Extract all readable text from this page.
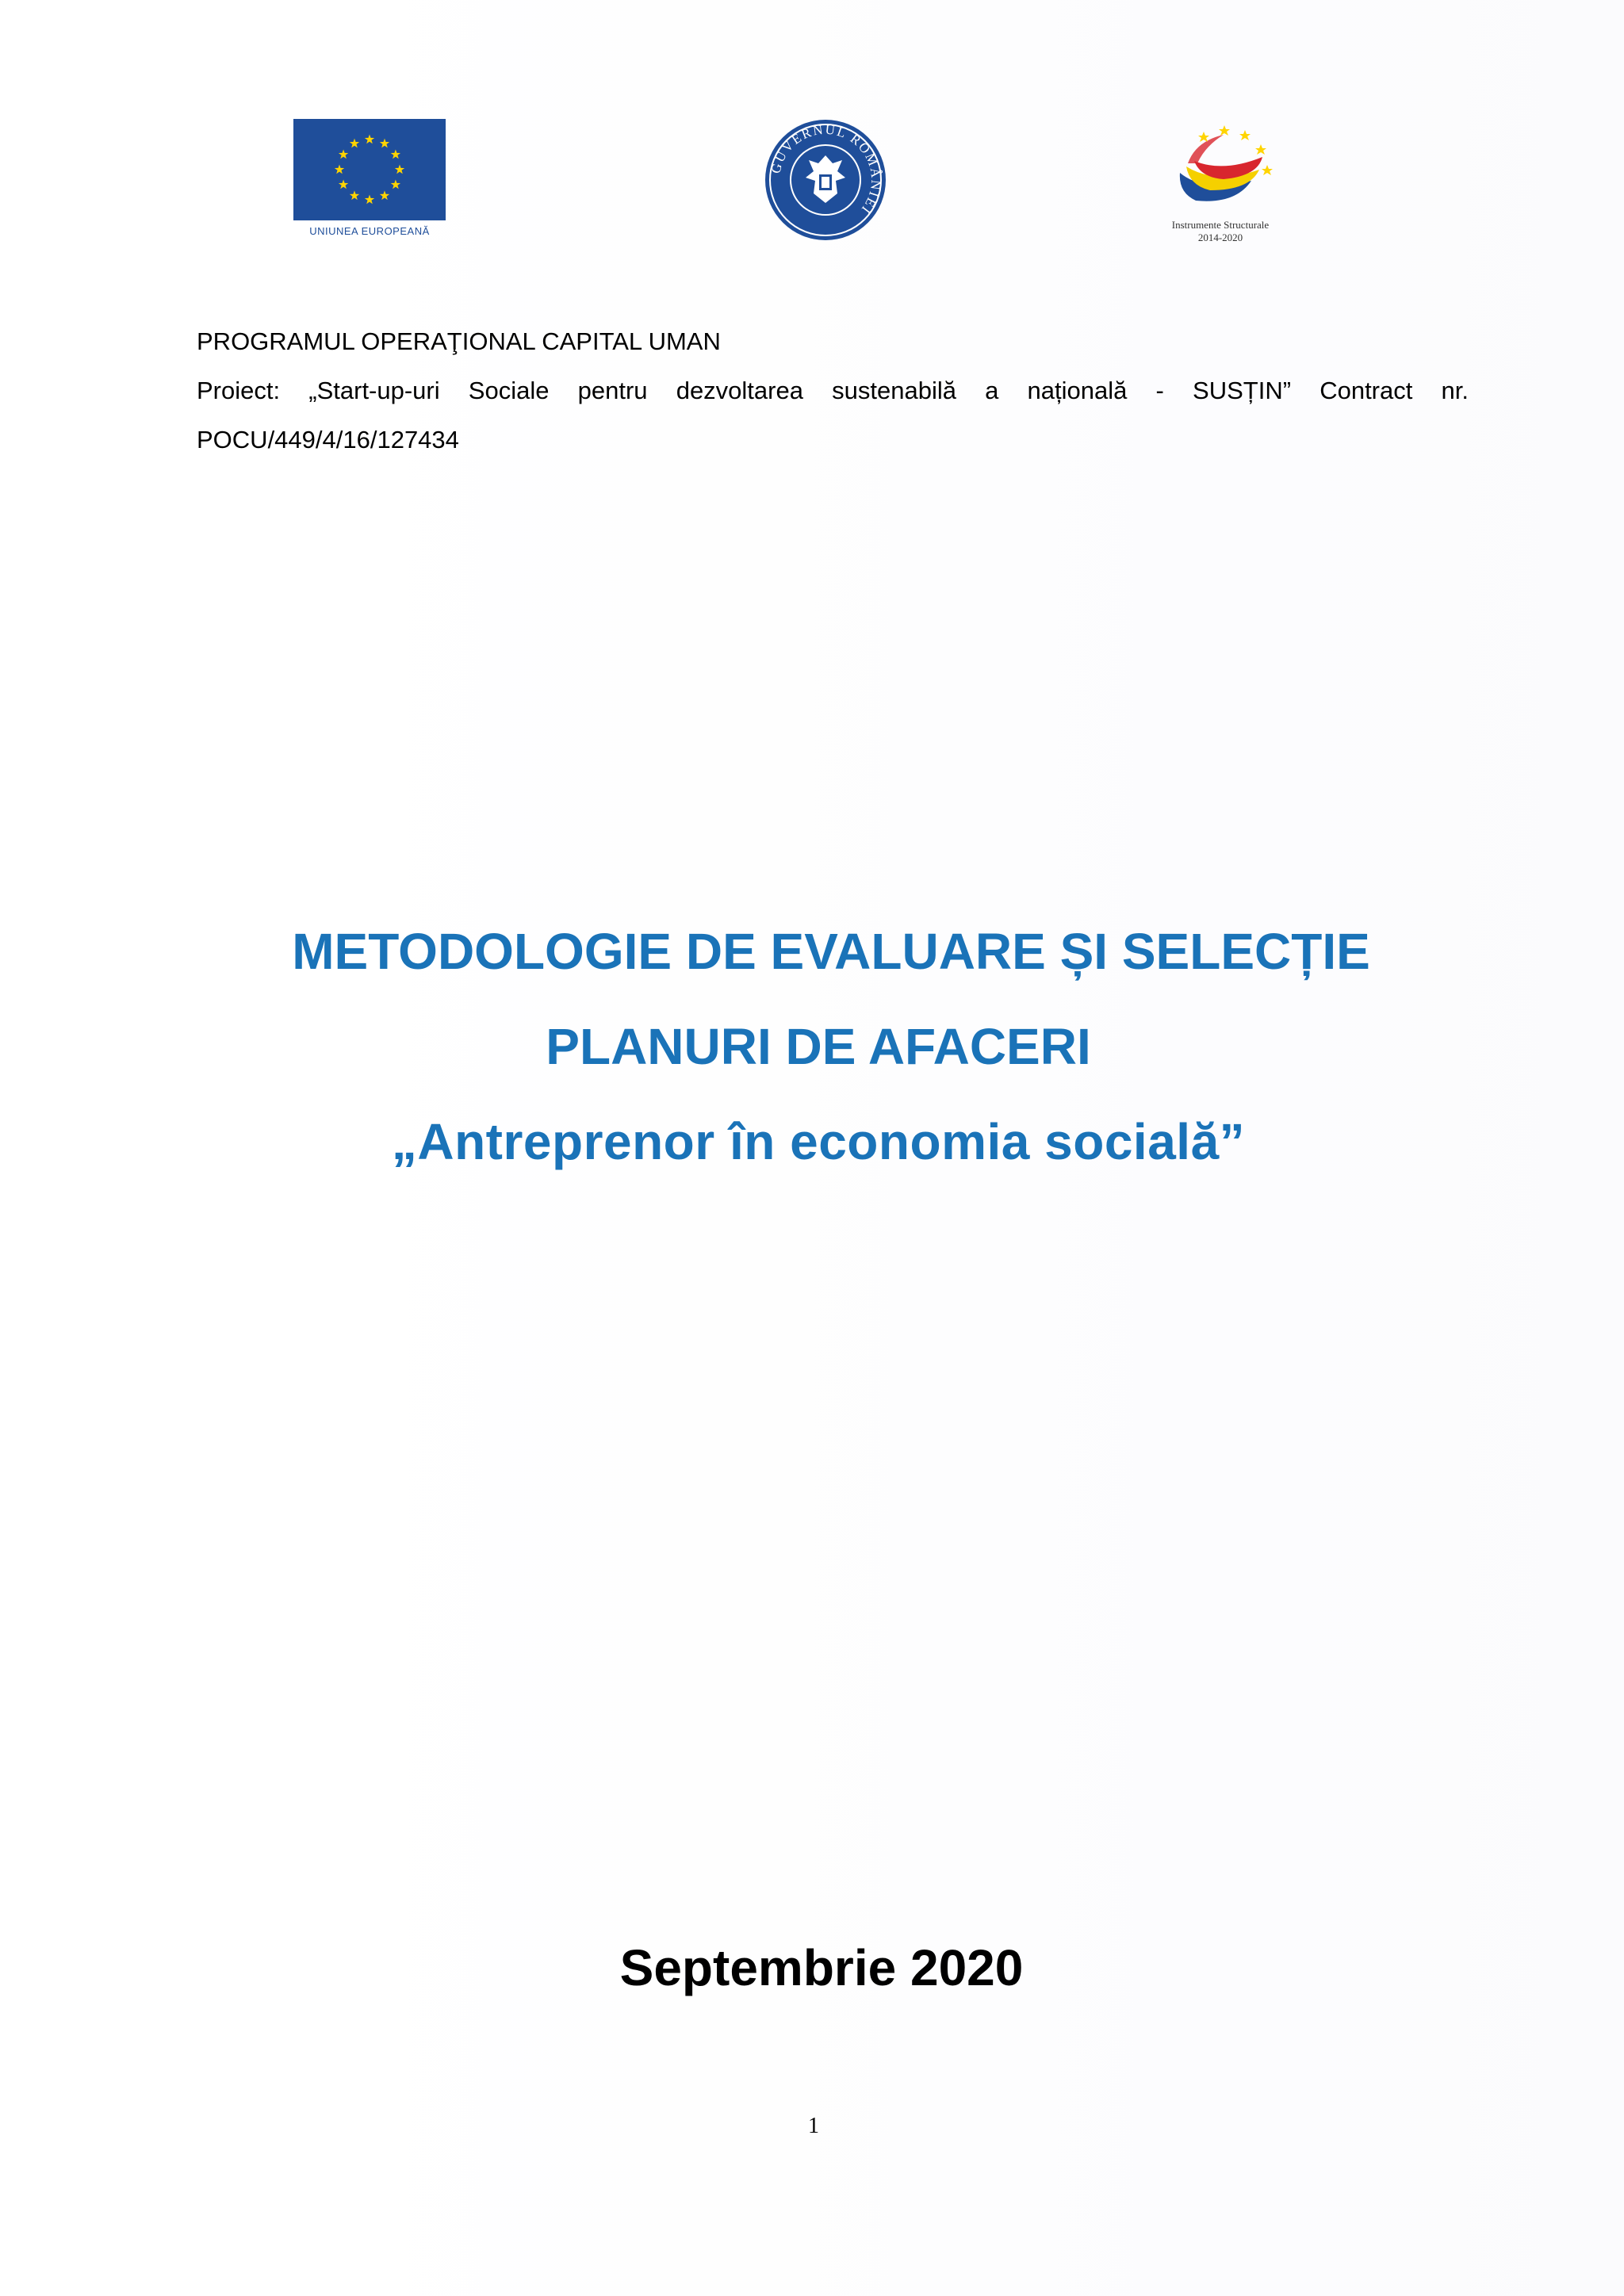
UNIUNEA EUROPEANĂ
GUVERNUL ROMÂNIEI
Instrumente Structurale
2014-2020
PROGRAMUL OPERAŢIONAL CAPITAL UMAN
Proiect: „Start-up-uri Sociale pentru dezvoltarea sustenabilă a națională - SUSȚIN” Contract nr.
POCU/449/4/16/127434
METODOLOGIE DE EVALUARE ȘI SELECȚIE
PLANURI DE AFACERI
„Antreprenor în economia socială”
Septembrie 2020
1
